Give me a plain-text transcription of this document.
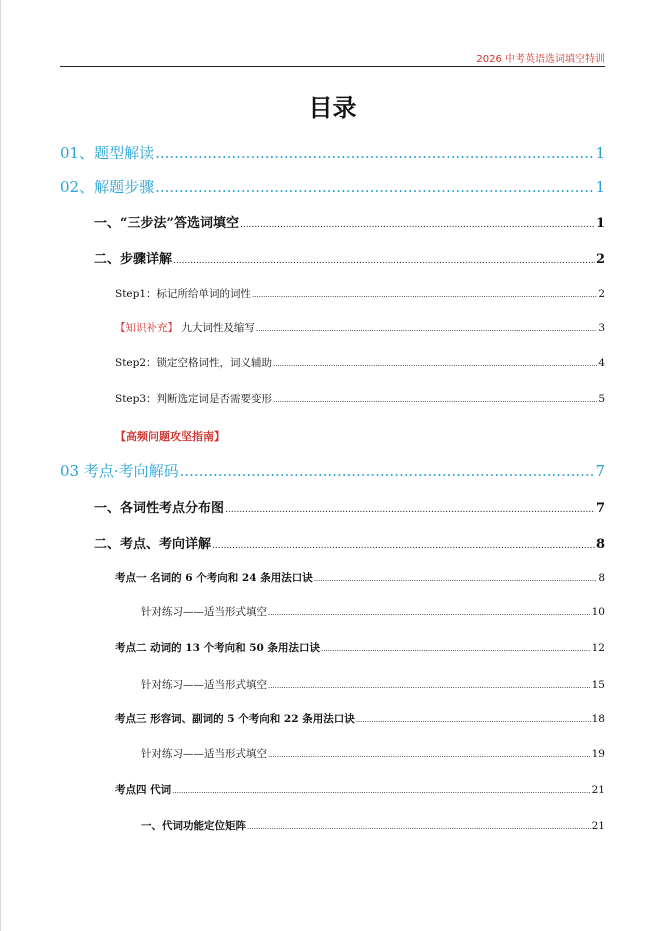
2026 中考英语选词填空特训
目录
01、题型解读 .....	1
02、解题步骤 .....	1
一、“三步法”答选词填空 .....	1
二、步骤详解 .....	2
Step1：标记所给单词的词性 .....	2
【知识补充】 九大词性及缩写 .....	3
Step2：锁定空格词性，词义辅助 .....	4
Step3：判断选定词是否需要变形 .....	5
【高频问题攻坚指南】
03 考点·考向解码 .....	7
一、各词性考点分布图 .....	7
二、考点、考向详解 .....	8
考点一 名词的 6 个考向和 24 条用法口诀 .....	8
针对练习——适当形式填空 .....	10
考点二 动词的 13 个考向和 50 条用法口诀 .....	12
针对练习——适当形式填空 .....	15
考点三 形容词、副词的 5 个考向和 22 条用法口诀 .....	18
针对练习——适当形式填空 .....	19
考点四 代词 .....	21
一、代词功能定位矩阵 .....	21
